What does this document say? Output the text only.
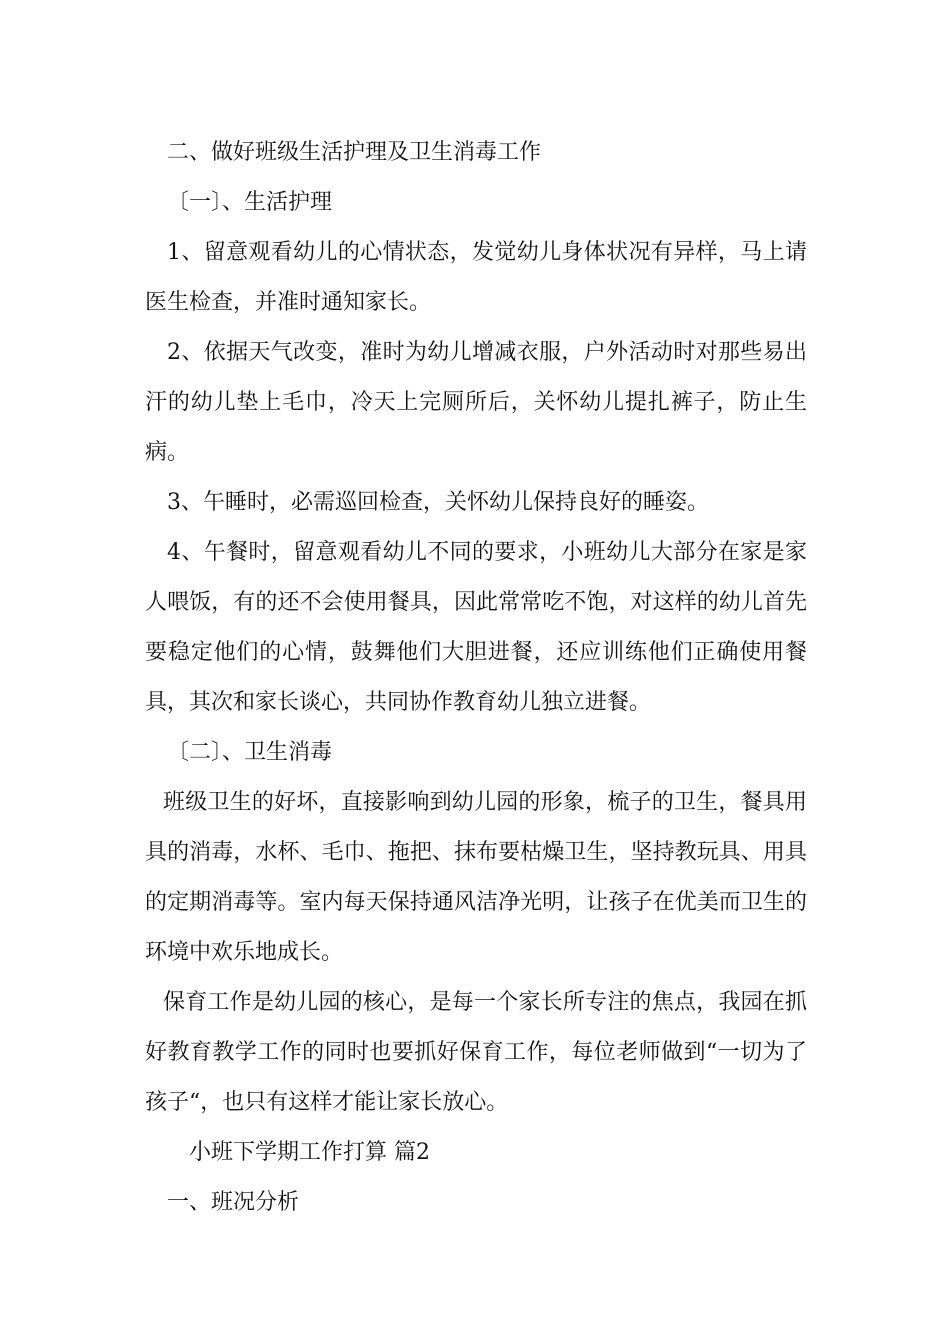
二、做好班级生活护理及卫生消毒工作

〔一〕、生活护理

1、留意观看幼儿的心情状态，发觉幼儿身体状况有异样，马上请医生检查，并准时通知家长。

2、依据天气改变，准时为幼儿增减衣服，户外活动时对那些易出汗的幼儿垫上毛巾，冷天上完厕所后，关怀幼儿提扎裤子，防止生病。

3、午睡时，必需巡回检查，关怀幼儿保持良好的睡姿。

4、午餐时，留意观看幼儿不同的要求，小班幼儿大部分在家是家人喂饭，有的还不会使用餐具，因此常常吃不饱，对这样的幼儿首先要稳定他们的心情，鼓舞他们大胆进餐，还应训练他们正确使用餐具，其次和家长谈心，共同协作教育幼儿独立进餐。

〔二〕、卫生消毒

班级卫生的好坏，直接影响到幼儿园的形象，梳子的卫生，餐具用具的消毒，水杯、毛巾、拖把、抹布要枯燥卫生，坚持教玩具、用具的定期消毒等。室内每天保持通风洁净光明，让孩子在优美而卫生的环境中欢乐地成长。

保育工作是幼儿园的核心，是每一个家长所专注的焦点，我园在抓好教育教学工作的同时也要抓好保育工作，每位老师做到“一切为了孩子“，也只有这样才能让家长放心。

小班下学期工作打算 篇2

一、班况分析
